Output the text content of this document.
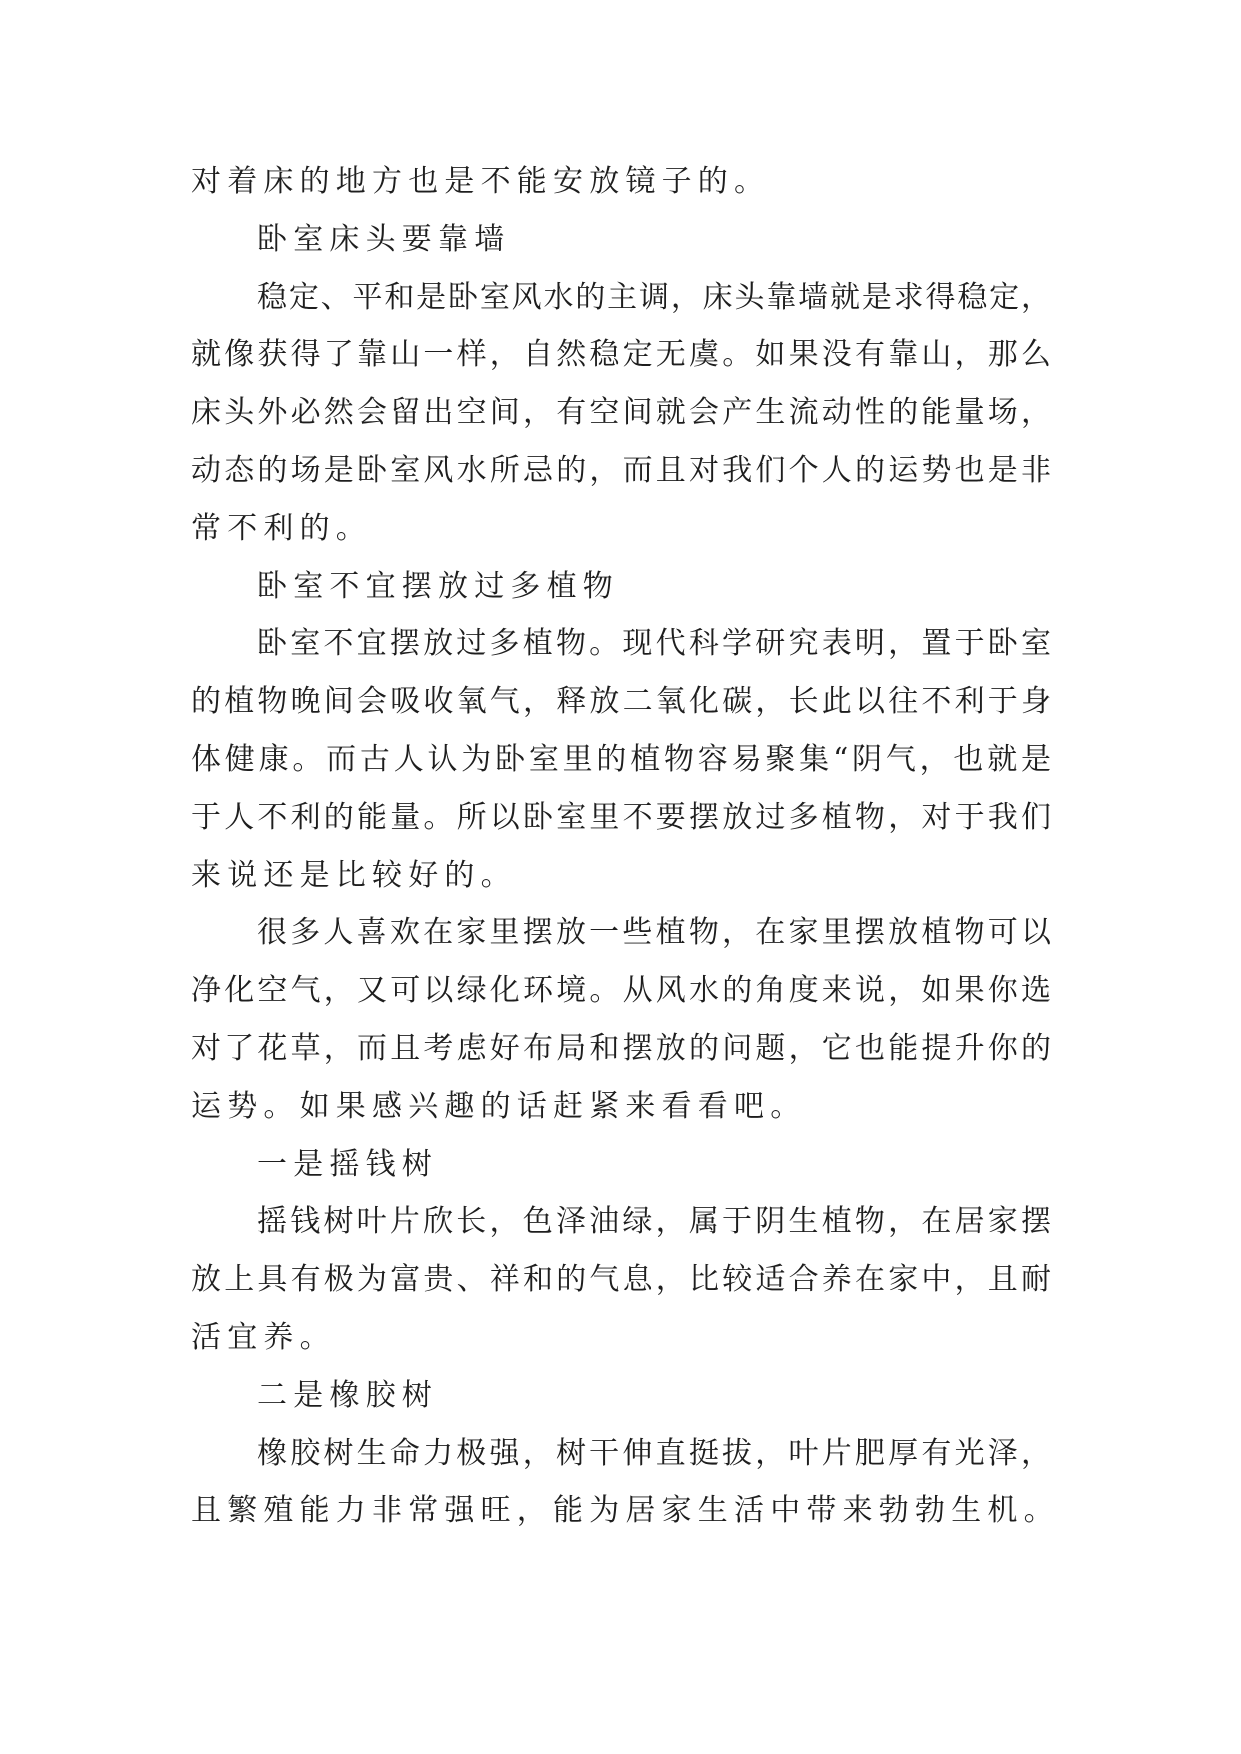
对着床的地方也是不能安放镜子的。
卧室床头要靠墙
稳定、平和是卧室风水的主调，床头靠墙就是求得稳定，
就像获得了靠山一样，自然稳定无虞。如果没有靠山，那么
床头外必然会留出空间，有空间就会产生流动性的能量场，
动态的场是卧室风水所忌的，而且对我们个人的运势也是非
常不利的。
卧室不宜摆放过多植物
卧室不宜摆放过多植物。现代科学研究表明，置于卧室
的植物晚间会吸收氧气，释放二氧化碳，长此以往不利于身
体健康。而古人认为卧室里的植物容易聚集“阴气，也就是
于人不利的能量。所以卧室里不要摆放过多植物，对于我们
来说还是比较好的。
很多人喜欢在家里摆放一些植物，在家里摆放植物可以
净化空气，又可以绿化环境。从风水的角度来说，如果你选
对了花草，而且考虑好布局和摆放的问题，它也能提升你的
运势。如果感兴趣的话赶紧来看看吧。
一是摇钱树
摇钱树叶片欣长，色泽油绿，属于阴生植物，在居家摆
放上具有极为富贵、祥和的气息，比较适合养在家中，且耐
活宜养。
二是橡胶树
橡胶树生命力极强，树干伸直挺拔，叶片肥厚有光泽，
且繁殖能力非常强旺，能为居家生活中带来勃勃生机。
